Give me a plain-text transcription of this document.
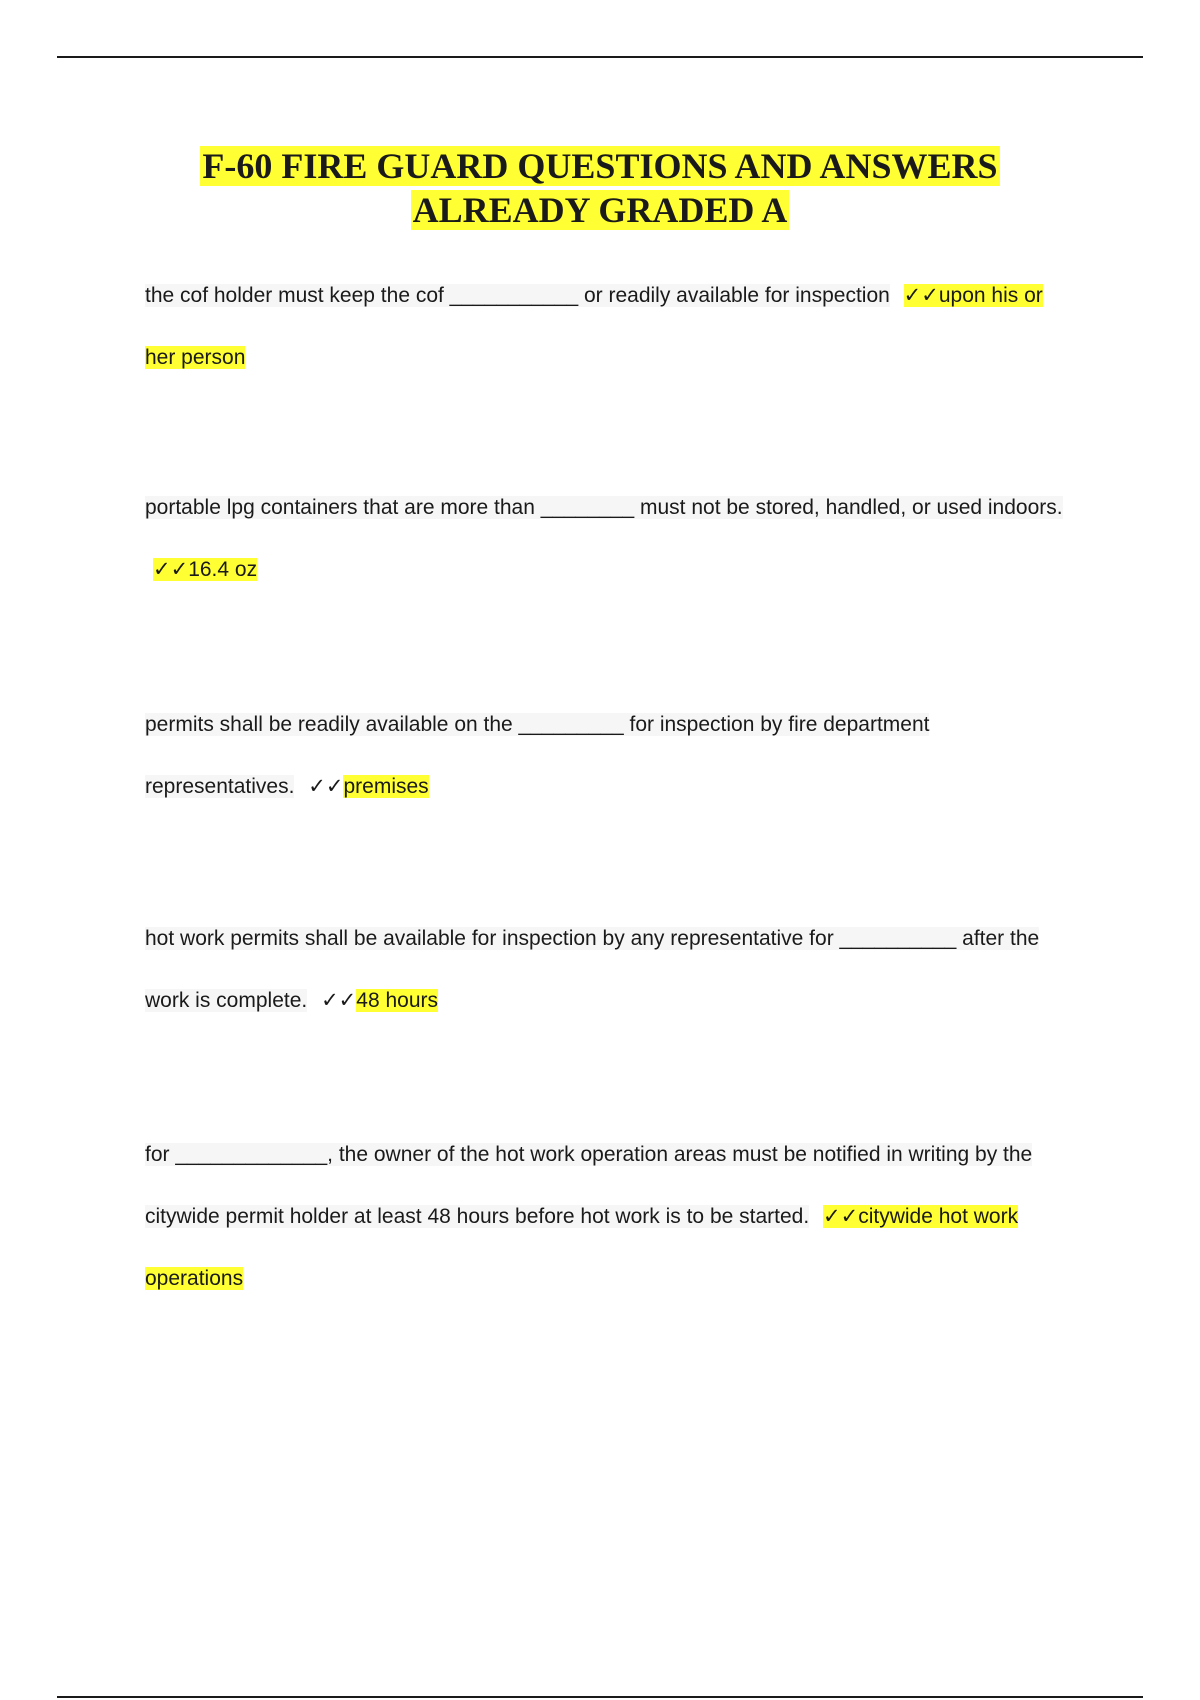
F-60 FIRE GUARD QUESTIONS AND ANSWERS
ALREADY GRADED A

the cof holder must keep the cof ___________ or readily available for inspection ✓✓upon his or her person

portable lpg containers that are more than ________ must not be stored, handled, or used indoors. ✓✓16.4 oz

permits shall be readily available on the _________ for inspection by fire department representatives. ✓✓premises

hot work permits shall be available for inspection by any representative for __________ after the work is complete. ✓✓48 hours

for _____________, the owner of the hot work operation areas must be notified in writing by the citywide permit holder at least 48 hours before hot work is to be started. ✓✓citywide hot work operations
